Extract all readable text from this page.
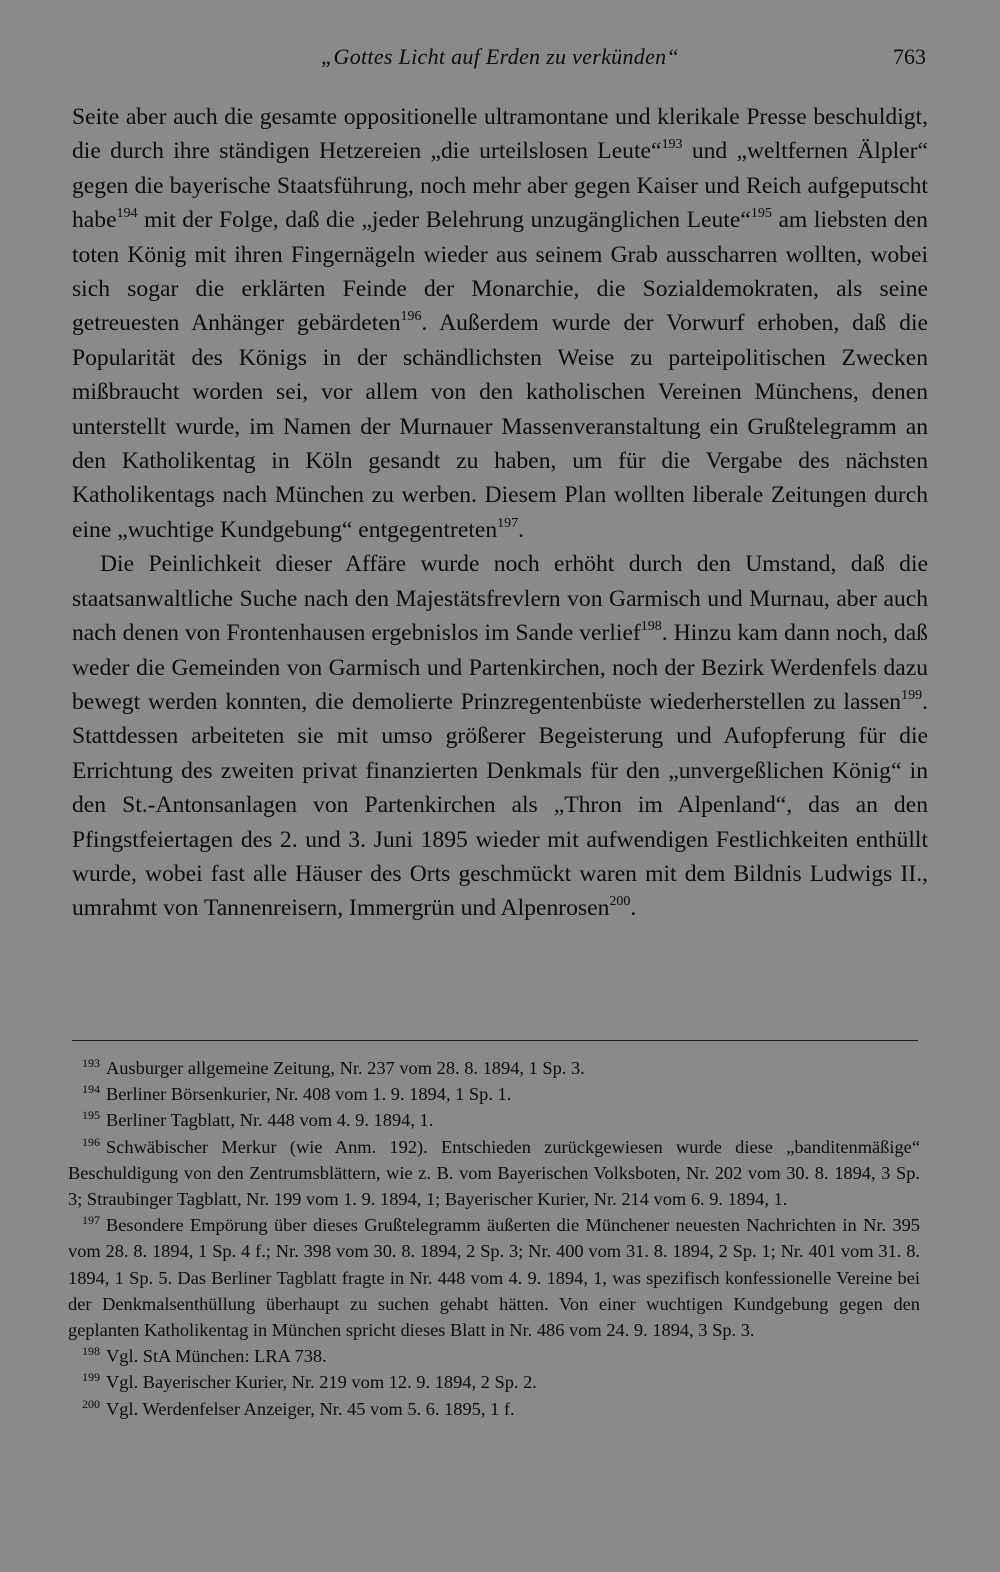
„Gottes Licht auf Erden zu verkünden“	763

Seite aber auch die gesamte oppositionelle ultramontane und klerikale Presse beschuldigt, die durch ihre ständigen Hetzereien „die urteilslosen Leute“$^{193}$ und „weltfernen Älpler“ gegen die bayerische Staatsführung, noch mehr aber gegen Kaiser und Reich aufgeputscht habe$^{194}$ mit der Folge, daß die „jeder Belehrung unzugänglichen Leute“$^{195}$ am liebsten den toten König mit ihren Fingernägeln wieder aus seinem Grab ausscharren wollten, wobei sich sogar die erklärten Feinde der Monarchie, die Sozialdemokraten, als seine getreuesten Anhänger gebärdeten$^{196}$. Außerdem wurde der Vorwurf erhoben, daß die Popularität des Königs in der schändlichsten Weise zu parteipolitischen Zwecken mißbraucht worden sei, vor allem von den katholischen Vereinen Münchens, denen unterstellt wurde, im Namen der Murnauer Massenveranstaltung ein Grußtelegramm an den Katholikentag in Köln gesandt zu haben, um für die Vergabe des nächsten Katholikentags nach München zu werben. Diesem Plan wollten liberale Zeitungen durch eine „wuchtige Kundgebung“ entgegentreten$^{197}$.

Die Peinlichkeit dieser Affäre wurde noch erhöht durch den Umstand, daß die staatsanwaltliche Suche nach den Majestätsfrevlern von Garmisch und Murnau, aber auch nach denen von Frontenhausen ergebnislos im Sande verlief$^{198}$. Hinzu kam dann noch, daß weder die Gemeinden von Garmisch und Partenkirchen, noch der Bezirk Werdenfels dazu bewegt werden konnten, die demolierte Prinzregentenbüste wiederherstellen zu lassen$^{199}$. Stattdessen arbeiteten sie mit umso größerer Begeisterung und Aufopferung für die Errichtung des zweiten privat finanzierten Denkmals für den „unvergeßlichen König“ in den St.-Antonsanlagen von Partenkirchen als „Thron im Alpenland“, das an den Pfingstfeiertagen des 2. und 3. Juni 1895 wieder mit aufwendigen Festlichkeiten enthüllt wurde, wobei fast alle Häuser des Orts geschmückt waren mit dem Bildnis Ludwigs II., umrahmt von Tannenreisern, Immergrün und Alpenrosen$^{200}$.

$^{193}$ Ausburger allgemeine Zeitung, Nr. 237 vom 28. 8. 1894, 1 Sp. 3.

$^{194}$ Berliner Börsenkurier, Nr. 408 vom 1. 9. 1894, 1 Sp. 1.

$^{195}$ Berliner Tagblatt, Nr. 448 vom 4. 9. 1894, 1.

$^{196}$ Schwäbischer Merkur (wie Anm. 192). Entschieden zurückgewiesen wurde diese „banditenmäßige“ Beschuldigung von den Zentrumsblättern, wie z. B. vom Bayerischen Volksboten, Nr. 202 vom 30. 8. 1894, 3 Sp. 3; Straubinger Tagblatt, Nr. 199 vom 1. 9. 1894, 1; Bayerischer Kurier, Nr. 214 vom 6. 9. 1894, 1.

$^{197}$ Besondere Empörung über dieses Grußtelegramm äußerten die Münchener neuesten Nachrichten in Nr. 395 vom 28. 8. 1894, 1 Sp. 4 f.; Nr. 398 vom 30. 8. 1894, 2 Sp. 3; Nr. 400 vom 31. 8. 1894, 2 Sp. 1; Nr. 401 vom 31. 8. 1894, 1 Sp. 5. Das Berliner Tagblatt fragte in Nr. 448 vom 4. 9. 1894, 1, was spezifisch konfessionelle Vereine bei der Denkmalsenthüllung überhaupt zu suchen gehabt hätten. Von einer wuchtigen Kundgebung gegen den geplanten Katholikentag in München spricht dieses Blatt in Nr. 486 vom 24. 9. 1894, 3 Sp. 3.

$^{198}$ Vgl. StA München: LRA 738.

$^{199}$ Vgl. Bayerischer Kurier, Nr. 219 vom 12. 9. 1894, 2 Sp. 2.

$^{200}$ Vgl. Werdenfelser Anzeiger, Nr. 45 vom 5. 6. 1895, 1 f.
